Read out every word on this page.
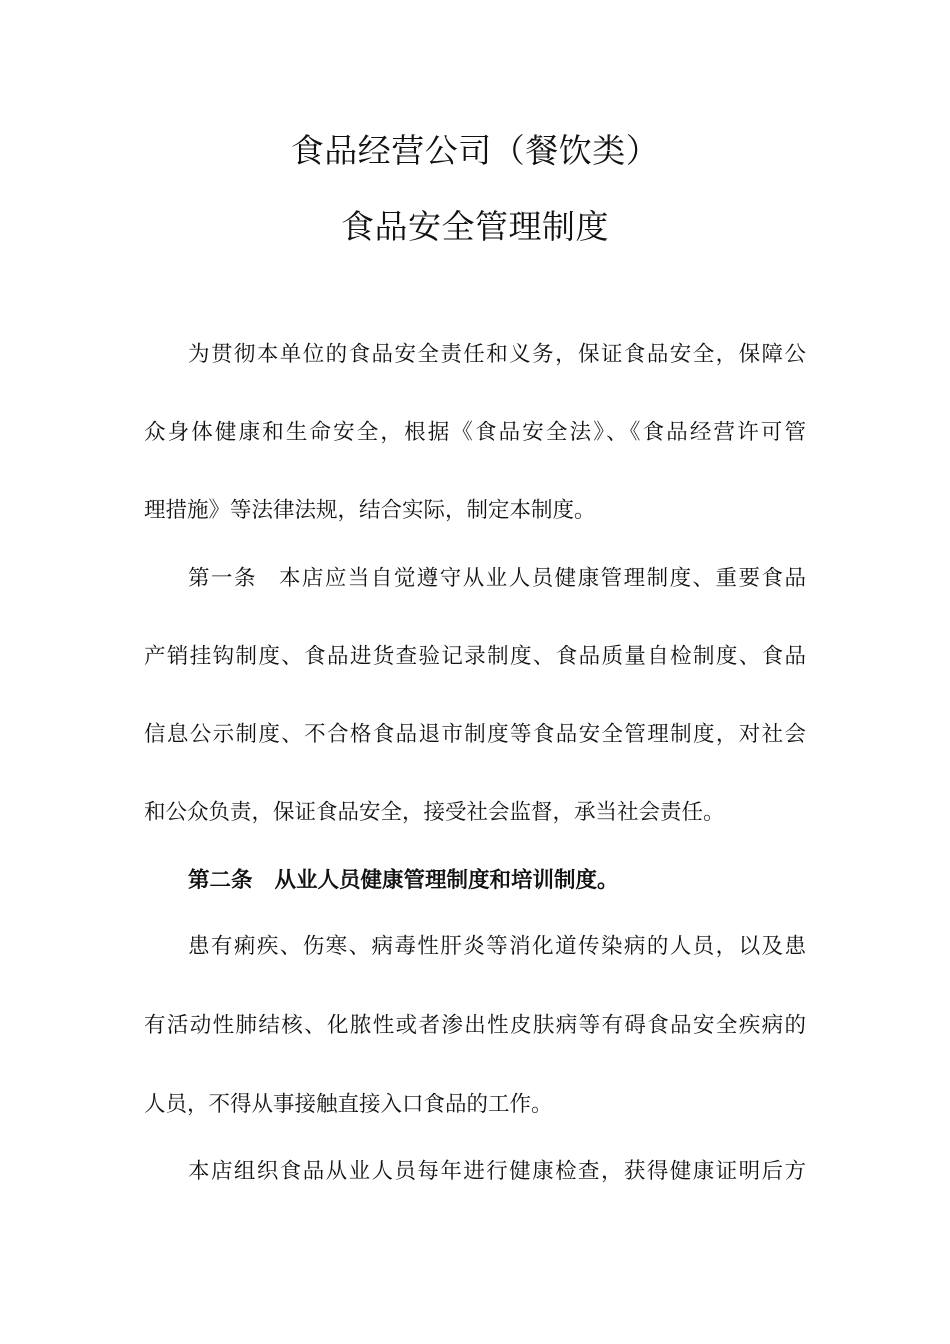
食品经营公司（餐饮类）
食品安全管理制度
为贯彻本单位的食品安全责任和义务，保证食品安全，保障公
众身体健康和生命安全，根据《食品安全法》、《食品经营许可管
理措施》等法律法规，结合实际，制定本制度。
第一条 本店应当自觉遵守从业人员健康管理制度、重要食品
产销挂钩制度、食品进货查验记录制度、食品质量自检制度、食品
信息公示制度、不合格食品退市制度等食品安全管理制度，对社会
和公众负责，保证食品安全，接受社会监督，承当社会责任。
第二条 从业人员健康管理制度和培训制度。
患有痢疾、伤寒、病毒性肝炎等消化道传染病的人员，以及患
有活动性肺结核、化脓性或者渗出性皮肤病等有碍食品安全疾病的
人员，不得从事接触直接入口食品的工作。
本店组织食品从业人员每年进行健康检查，获得健康证明后方
